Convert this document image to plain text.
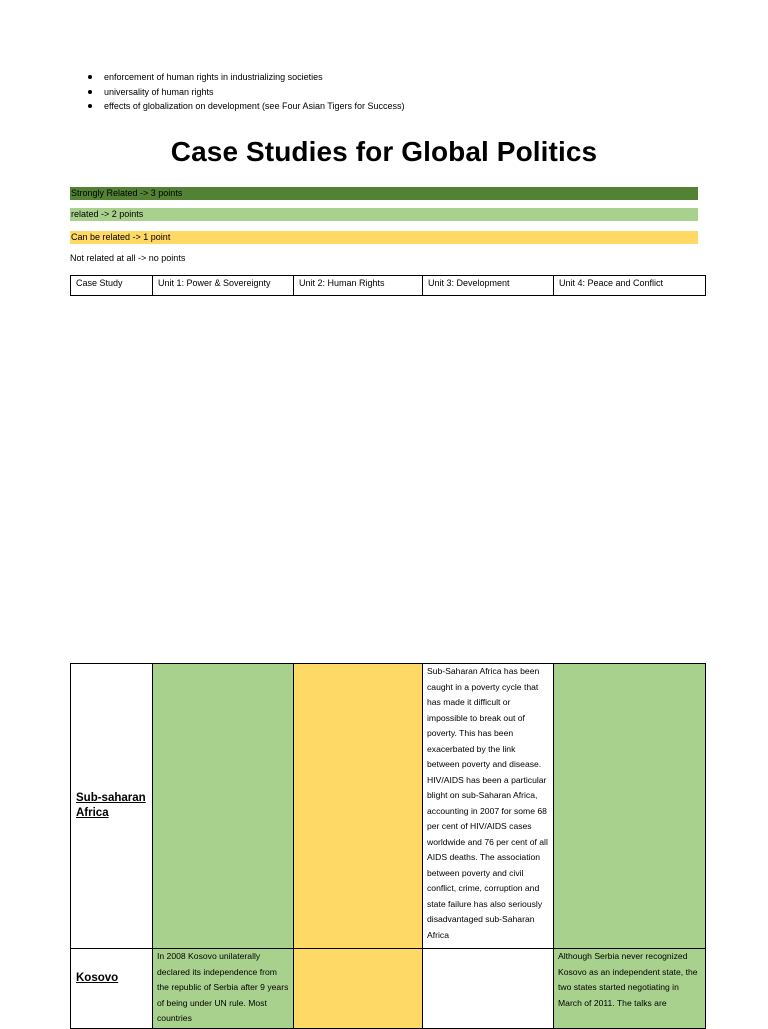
enforcement of human rights in industrializing societies
universality of human rights
effects of globalization on development (see Four Asian Tigers for Success)
Case Studies for Global Politics
Strongly Related -> 3 points
related -> 2 points
Can be related -> 1 point
Not related at all -> no points
Case Study	Unit 1: Power & Sovereignty	Unit 2: Human Rights	Unit 3: Development	Unit 4: Peace and Conflict
Sub-saharan Africa			Sub-Saharan Africa has been caught in a poverty cycle that has made it difficult or impossible to break out of poverty. This has been exacerbated by the link between poverty and disease. HIV/AIDS has been a particular blight on sub-Saharan Africa, accounting in 2007 for some 68 per cent of HIV/AIDS cases worldwide and 76 per cent of all AIDS deaths. The association between poverty and civil conflict, crime, corruption and state failure has also seriously disadvantaged sub-Saharan Africa	

Kosovo	In 2008 Kosovo unilaterally declared its independence from the republic of Serbia after 9 years of being under UN rule. Most countries			Although Serbia never recognized Kosovo as an independent state, the two states started negotiating in March of 2011. The talks are
